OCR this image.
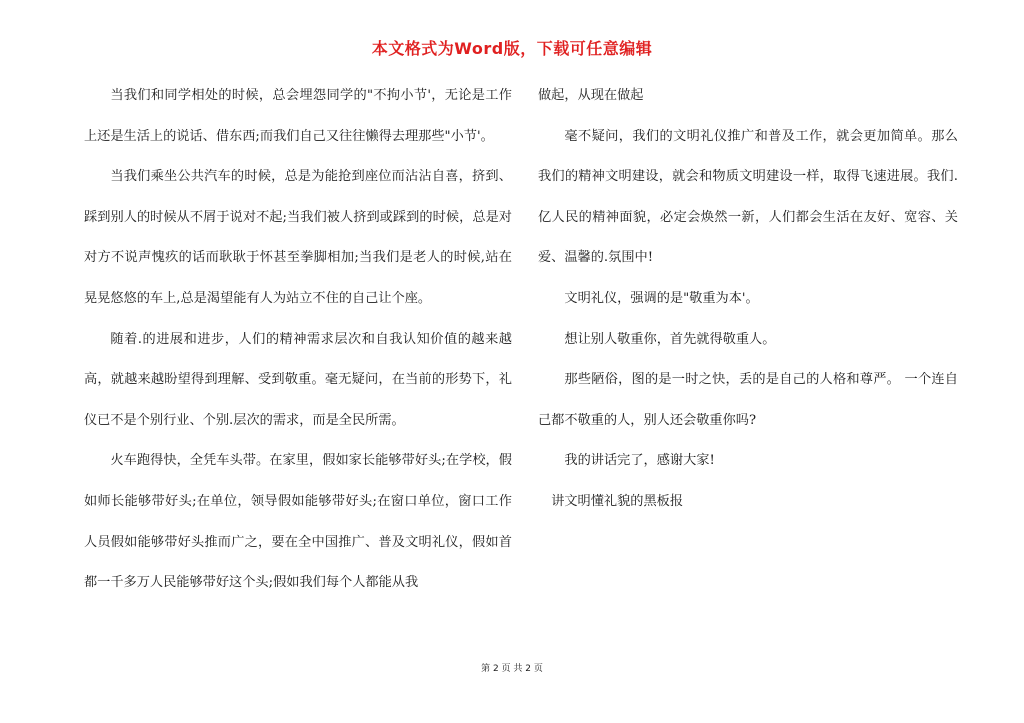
本文格式为Word版，下载可任意编辑

当我们和同学相处的时候，总会埋怨同学的"不拘小节'，无论是工作上还是生活上的说话、借东西;而我们自己又往往懒得去理那些"小节'。

当我们乘坐公共汽车的时候，总是为能抢到座位而沾沾自喜，挤到、踩到别人的时候从不屑于说对不起;当我们被人挤到或踩到的时候，总是对对方不说声愧疚的话而耿耿于怀甚至拳脚相加;当我们是老人的时候,站在晃晃悠悠的车上,总是渴望能有人为站立不住的自己让个座。

随着.的进展和进步，人们的精神需求层次和自我认知价值的越来越高，就越来越盼望得到理解、受到敬重。毫无疑问，在当前的形势下，礼仪已不是个别行业、个别.层次的需求，而是全民所需。

火车跑得快，全凭车头带。在家里，假如家长能够带好头;在学校，假如师长能够带好头;在单位，领导假如能够带好头;在窗口单位，窗口工作人员假如能够带好头推而广之，要在全中国推广、普及文明礼仪，假如首都一千多万人民能够带好这个头;假如我们每个人都能从我

做起，从现在做起

毫不疑问，我们的文明礼仪推广和普及工作，就会更加简单。那么我们的精神文明建设，就会和物质文明建设一样，取得飞速进展。我们.亿人民的精神面貌，必定会焕然一新，人们都会生活在友好、宽容、关爱、温馨的.氛围中!

文明礼仪，强调的是"敬重为本'。

想让别人敬重你，首先就得敬重人。

那些陋俗，图的是一时之快，丢的是自己的人格和尊严。 一个连自己都不敬重的人，别人还会敬重你吗?

我的讲话完了，感谢大家!

讲文明懂礼貌的黑板报

第 2 页 共 2 页
